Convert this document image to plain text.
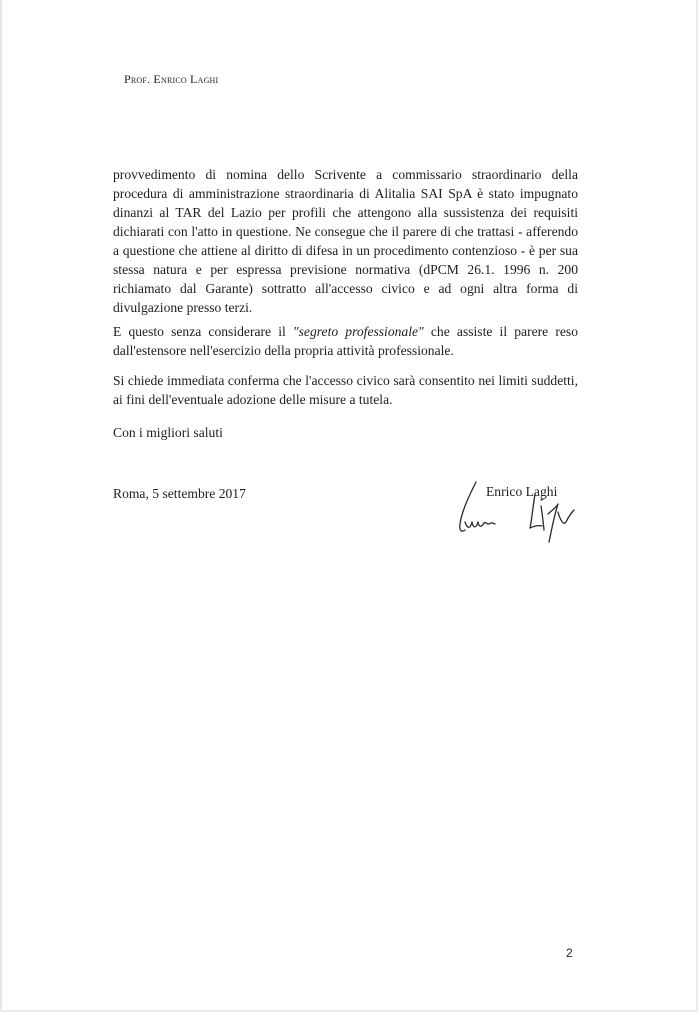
Prof. Enrico Laghi
provvedimento di nomina dello Scrivente a commissario straordinario della procedura di amministrazione straordinaria di Alitalia SAI SpA è stato impugnato dinanzi al TAR del Lazio per profili che attengono alla sussistenza dei requisiti dichiarati con l'atto in questione. Ne consegue che il parere di che trattasi - afferendo a questione che attiene al diritto di difesa in un procedimento contenzioso - è per sua stessa natura e per espressa previsione normativa (dPCM 26.1. 1996 n. 200 richiamato dal Garante) sottratto all'accesso civico e ad ogni altra forma di divulgazione presso terzi.
E questo senza considerare il "segreto professionale" che assiste il parere reso
dall'estensore nell'esercizio della propria attività professionale.
Si chiede immediata conferma che l'accesso civico sarà consentito nei limiti suddetti, ai fini dell'eventuale adozione delle misure a tutela.
Con i migliori saluti
Roma, 5 settembre 2017	Enrico Laghi
2
